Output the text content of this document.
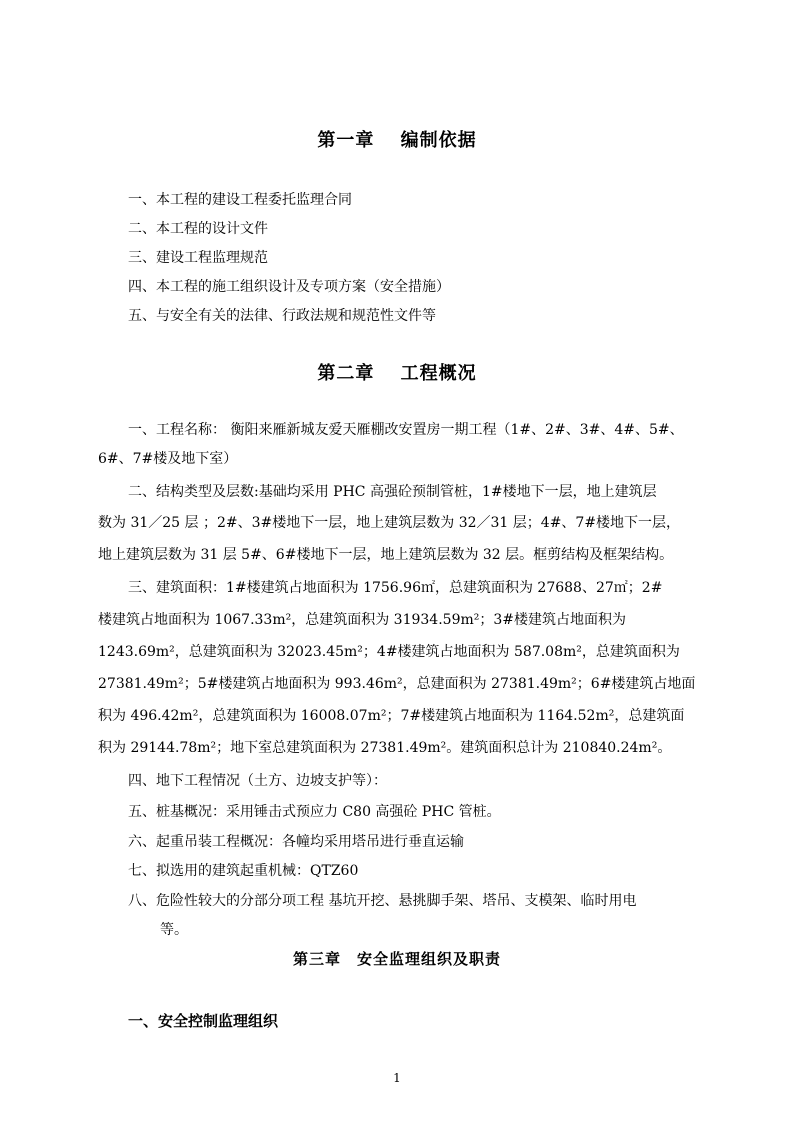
第一章　 编制依据
一、本工程的建设工程委托监理合同
二、本工程的设计文件
三、建设工程监理规范
四、本工程的施工组织设计及专项方案（安全措施）
五、与安全有关的法律、行政法规和规范性文件等
第二章　 工程概况
一、工程名称： 衡阳来雁新城友爱天雁棚改安置房一期工程（1#、2#、3#、4#、5#、
6#、7#楼及地下室）
二、结构类型及层数:基础均采用 PHC 高强砼预制管桩，1#楼地下一层，地上建筑层
数为 31／25 层 ；2#、3#楼地下一层，地上建筑层数为 32／31 层；4#、7#楼地下一层，
地上建筑层数为 31 层 5#、6#楼地下一层，地上建筑层数为 32 层。框剪结构及框架结构。
三、建筑面积：1#楼建筑占地面积为 1756.96㎡，总建筑面积为 27688、27㎡；2#
楼建筑占地面积为 1067.33m²，总建筑面积为 31934.59m²；3#楼建筑占地面积为
1243.69m²，总建筑面积为 32023.45m²；4#楼建筑占地面积为 587.08m²，总建筑面积为
27381.49m²；5#楼建筑占地面积为 993.46m²，总建面积为 27381.49m²；6#楼建筑占地面
积为 496.42m²，总建筑面积为 16008.07m²；7#楼建筑占地面积为 1164.52m²，总建筑面
积为 29144.78m²；地下室总建筑面积为 27381.49m²。建筑面积总计为 210840.24m²。
四、地下工程情况（土方、边坡支护等）：
五、桩基概况：采用锤击式预应力 C80 高强砼 PHC 管桩。
六、起重吊装工程概况：各幢均采用塔吊进行垂直运输
七、拟选用的建筑起重机械：QTZ60
八、危险性较大的分部分项工程 基坑开挖、悬挑脚手架、塔吊、支模架、临时用电
等。
第三章　安全监理组织及职责
一、安全控制监理组织
1
